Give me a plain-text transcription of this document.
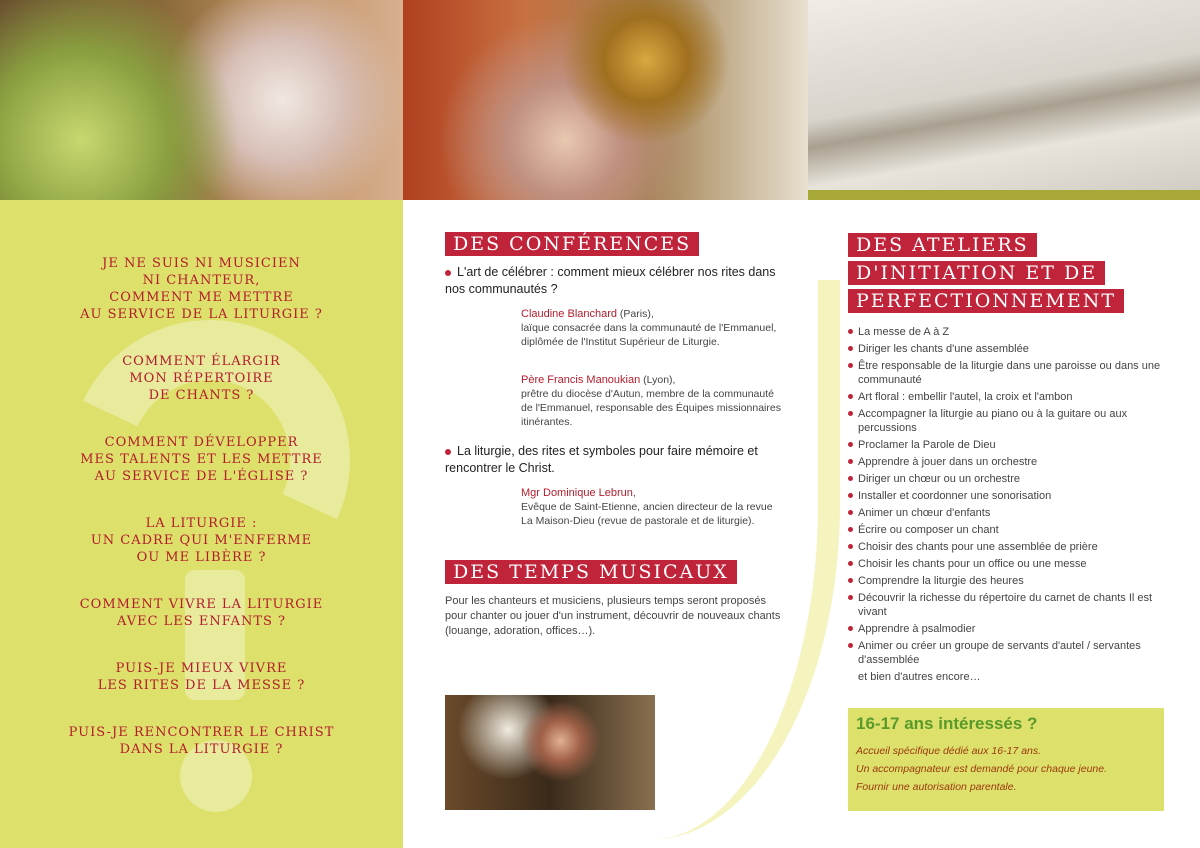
JE NE SUIS NI MUSICIEN
NI CHANTEUR,
COMMENT ME METTRE
AU SERVICE DE LA LITURGIE ?
COMMENT ÉLARGIR
MON RÉPERTOIRE
DE CHANTS ?
COMMENT DÉVELOPPER
MES TALENTS ET LES METTRE
AU SERVICE DE L'ÉGLISE ?
LA LITURGIE :
UN CADRE QUI M'ENFERME
OU ME LIBÈRE ?
COMMENT VIVRE LA LITURGIE
AVEC LES ENFANTS ?
PUIS-JE MIEUX VIVRE
LES RITES DE LA MESSE ?
PUIS-JE RENCONTRER LE CHRIST
DANS LA LITURGIE ?
DES CONFÉRENCES
L'art de célébrer : comment mieux célébrer nos rites dans nos communautés ?
Claudine Blanchard (Paris),
laïque consacrée dans la communauté de l'Emmanuel, diplômée de l'Institut Supérieur de Liturgie.
Père Francis Manoukian (Lyon),
prêtre du diocèse d'Autun, membre de la communauté de l'Emmanuel, responsable des Équipes missionnaires itinérantes.
La liturgie, des rites et symboles pour faire mémoire et rencontrer le Christ.
Mgr Dominique Lebrun,
Evêque de Saint-Etienne, ancien directeur de la revue La Maison-Dieu (revue de pastorale et de liturgie).
DES TEMPS MUSICAUX
Pour les chanteurs et musiciens, plusieurs temps seront proposés pour chanter ou jouer d'un instrument, découvrir de nouveaux chants (louange, adoration, offices…).
DES ATELIERS
D'INITIATION ET DE
PERFECTIONNEMENT
La messe de A à Z
Diriger les chants d'une assemblée
Être responsable de la liturgie dans une paroisse ou dans une communauté
Art floral : embellir l'autel, la croix et l'ambon
Accompagner la liturgie au piano ou à la guitare ou aux percussions
Proclamer la Parole de Dieu
Apprendre à jouer dans un orchestre
Diriger un chœur ou un orchestre
Installer et coordonner une sonorisation
Animer un chœur d'enfants
Écrire ou composer un chant
Choisir des chants pour une assemblée de prière
Choisir les chants pour un office ou une messe
Comprendre la liturgie des heures
Découvrir la richesse du répertoire du carnet de chants Il est vivant
Apprendre à psalmodier
Animer ou créer un groupe de servants d'autel / servantes d'assemblée
et bien d'autres encore…
16-17 ans intéressés ?

Accueil spécifique dédié aux 16-17 ans.

Un accompagnateur est demandé pour chaque jeune.

Fournir une autorisation parentale.
